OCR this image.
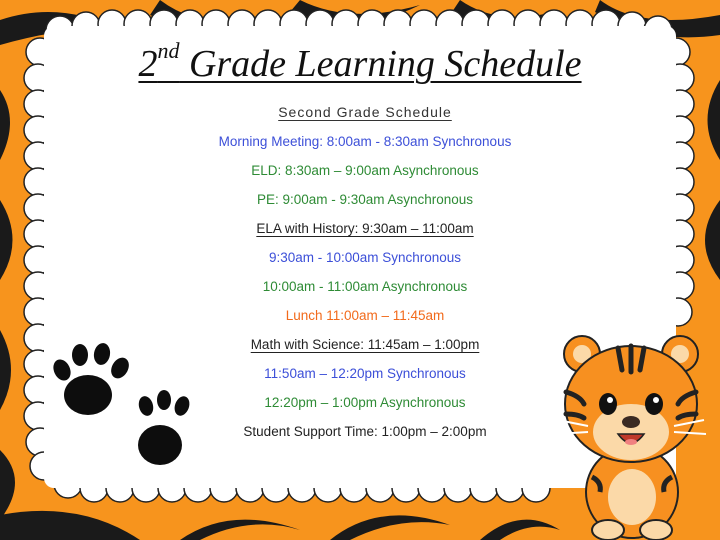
2nd Grade Learning Schedule
Second Grade Schedule
Morning Meeting: 8:00am - 8:30am Synchronous
ELD: 8:30am – 9:00am Asynchronous
PE: 9:00am - 9:30am Asynchronous
ELA with History: 9:30am – 11:00am
9:30am - 10:00am Synchronous
10:00am - 11:00am Asynchronous
Lunch 11:00am – 11:45am
Math with Science: 11:45am – 1:00pm
11:50am – 12:20pm Synchronous
12:20pm – 1:00pm Asynchronous
Student Support Time: 1:00pm – 2:00pm
